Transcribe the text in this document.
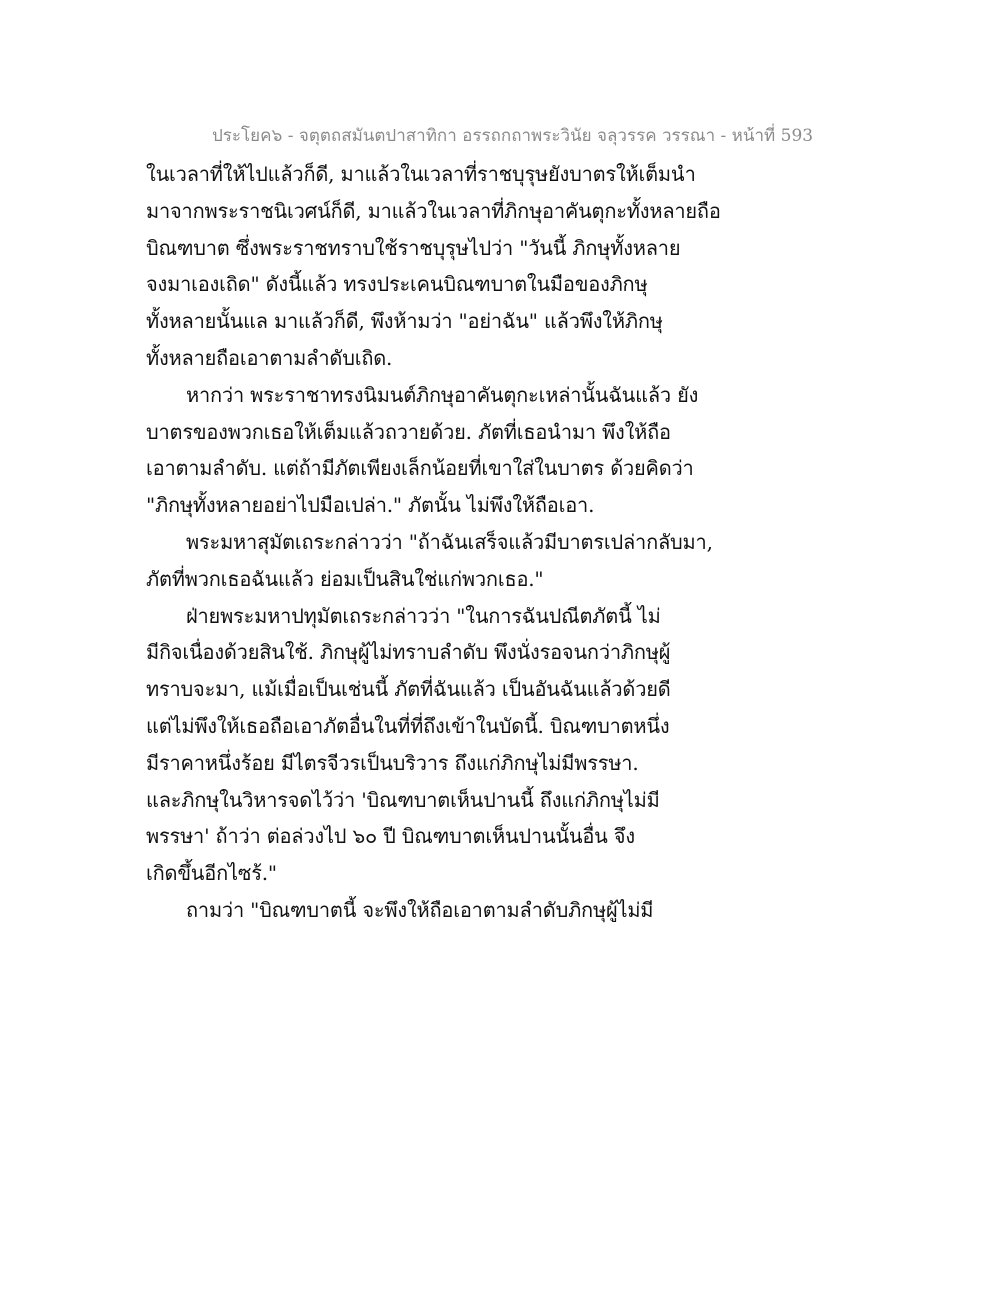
ประโยค๖ - จตุตถสมันตปาสาทิกา อรรถกถาพระวินัย จลุวรรค วรรณา - หน้าที่ 593
ในเวลาที่ให้ไปแล้วก็ดี, มาแล้วในเวลาที่ราชบุรุษยังบาตรให้เต็มนำ
มาจากพระราชนิเวศน์ก็ดี, มาแล้วในเวลาที่ภิกษุอาคันตุกะทั้งหลายถือ
บิณฑบาต ซึ่งพระราชทราบใช้ราชบุรุษไปว่า "วันนี้ ภิกษุทั้งหลาย
จงมาเองเถิด" ดังนี้แล้ว ทรงประเคนบิณฑบาตในมือของภิกษุ
ทั้งหลายนั้นแล มาแล้วก็ดี, พึงห้ามว่า "อย่าฉัน" แล้วพึงให้ภิกษุ
ทั้งหลายถือเอาตามลำดับเถิด.
หากว่า พระราชาทรงนิมนต์ภิกษุอาคันตุกะเหล่านั้นฉันแล้ว ยัง
บาตรของพวกเธอให้เต็มแล้วถวายด้วย. ภัตที่เธอนำมา พึงให้ถือ
เอาตามลำดับ. แต่ถ้ามีภัตเพียงเล็กน้อยที่เขาใส่ในบาตร ด้วยคิดว่า
"ภิกษุทั้งหลายอย่าไปมือเปล่า." ภัตนั้น ไม่พึงให้ถือเอา.
พระมหาสุมัตเถระกล่าวว่า "ถ้าฉันเสร็จแล้วมีบาตรเปล่ากลับมา,
ภัตที่พวกเธอฉันแล้ว ย่อมเป็นสินใช่แก่พวกเธอ."
ฝ่ายพระมหาปทุมัตเถระกล่าวว่า "ในการฉันปณีตภัตนี้ ไม่
มีกิจเนื่องด้วยสินใช้. ภิกษุผู้ไม่ทราบลำดับ พึงนั่งรอจนกว่าภิกษุผู้
ทราบจะมา, แม้เมื่อเป็นเช่นนี้ ภัตที่ฉันแล้ว เป็นอันฉันแล้วด้วยดี
แต่ไม่พึงให้เธอถือเอาภัตอื่นในที่ที่ถึงเข้าในบัดนี้. บิณฑบาตหนึ่ง
มีราคาหนึ่งร้อย มีไตรจีวรเป็นบริวาร ถึงแก่ภิกษุไม่มีพรรษา.
และภิกษุในวิหารจดไว้ว่า 'บิณฑบาตเห็นปานนี้ ถึงแก่ภิกษุไม่มี
พรรษา' ถ้าว่า ต่อล่วงไป ๖๐ ปี บิณฑบาตเห็นปานนั้นอื่น จึง
เกิดขึ้นอีกไซร้."
ถามว่า "บิณฑบาตนี้ จะพึงให้ถือเอาตามลำดับภิกษุผู้ไม่มี
